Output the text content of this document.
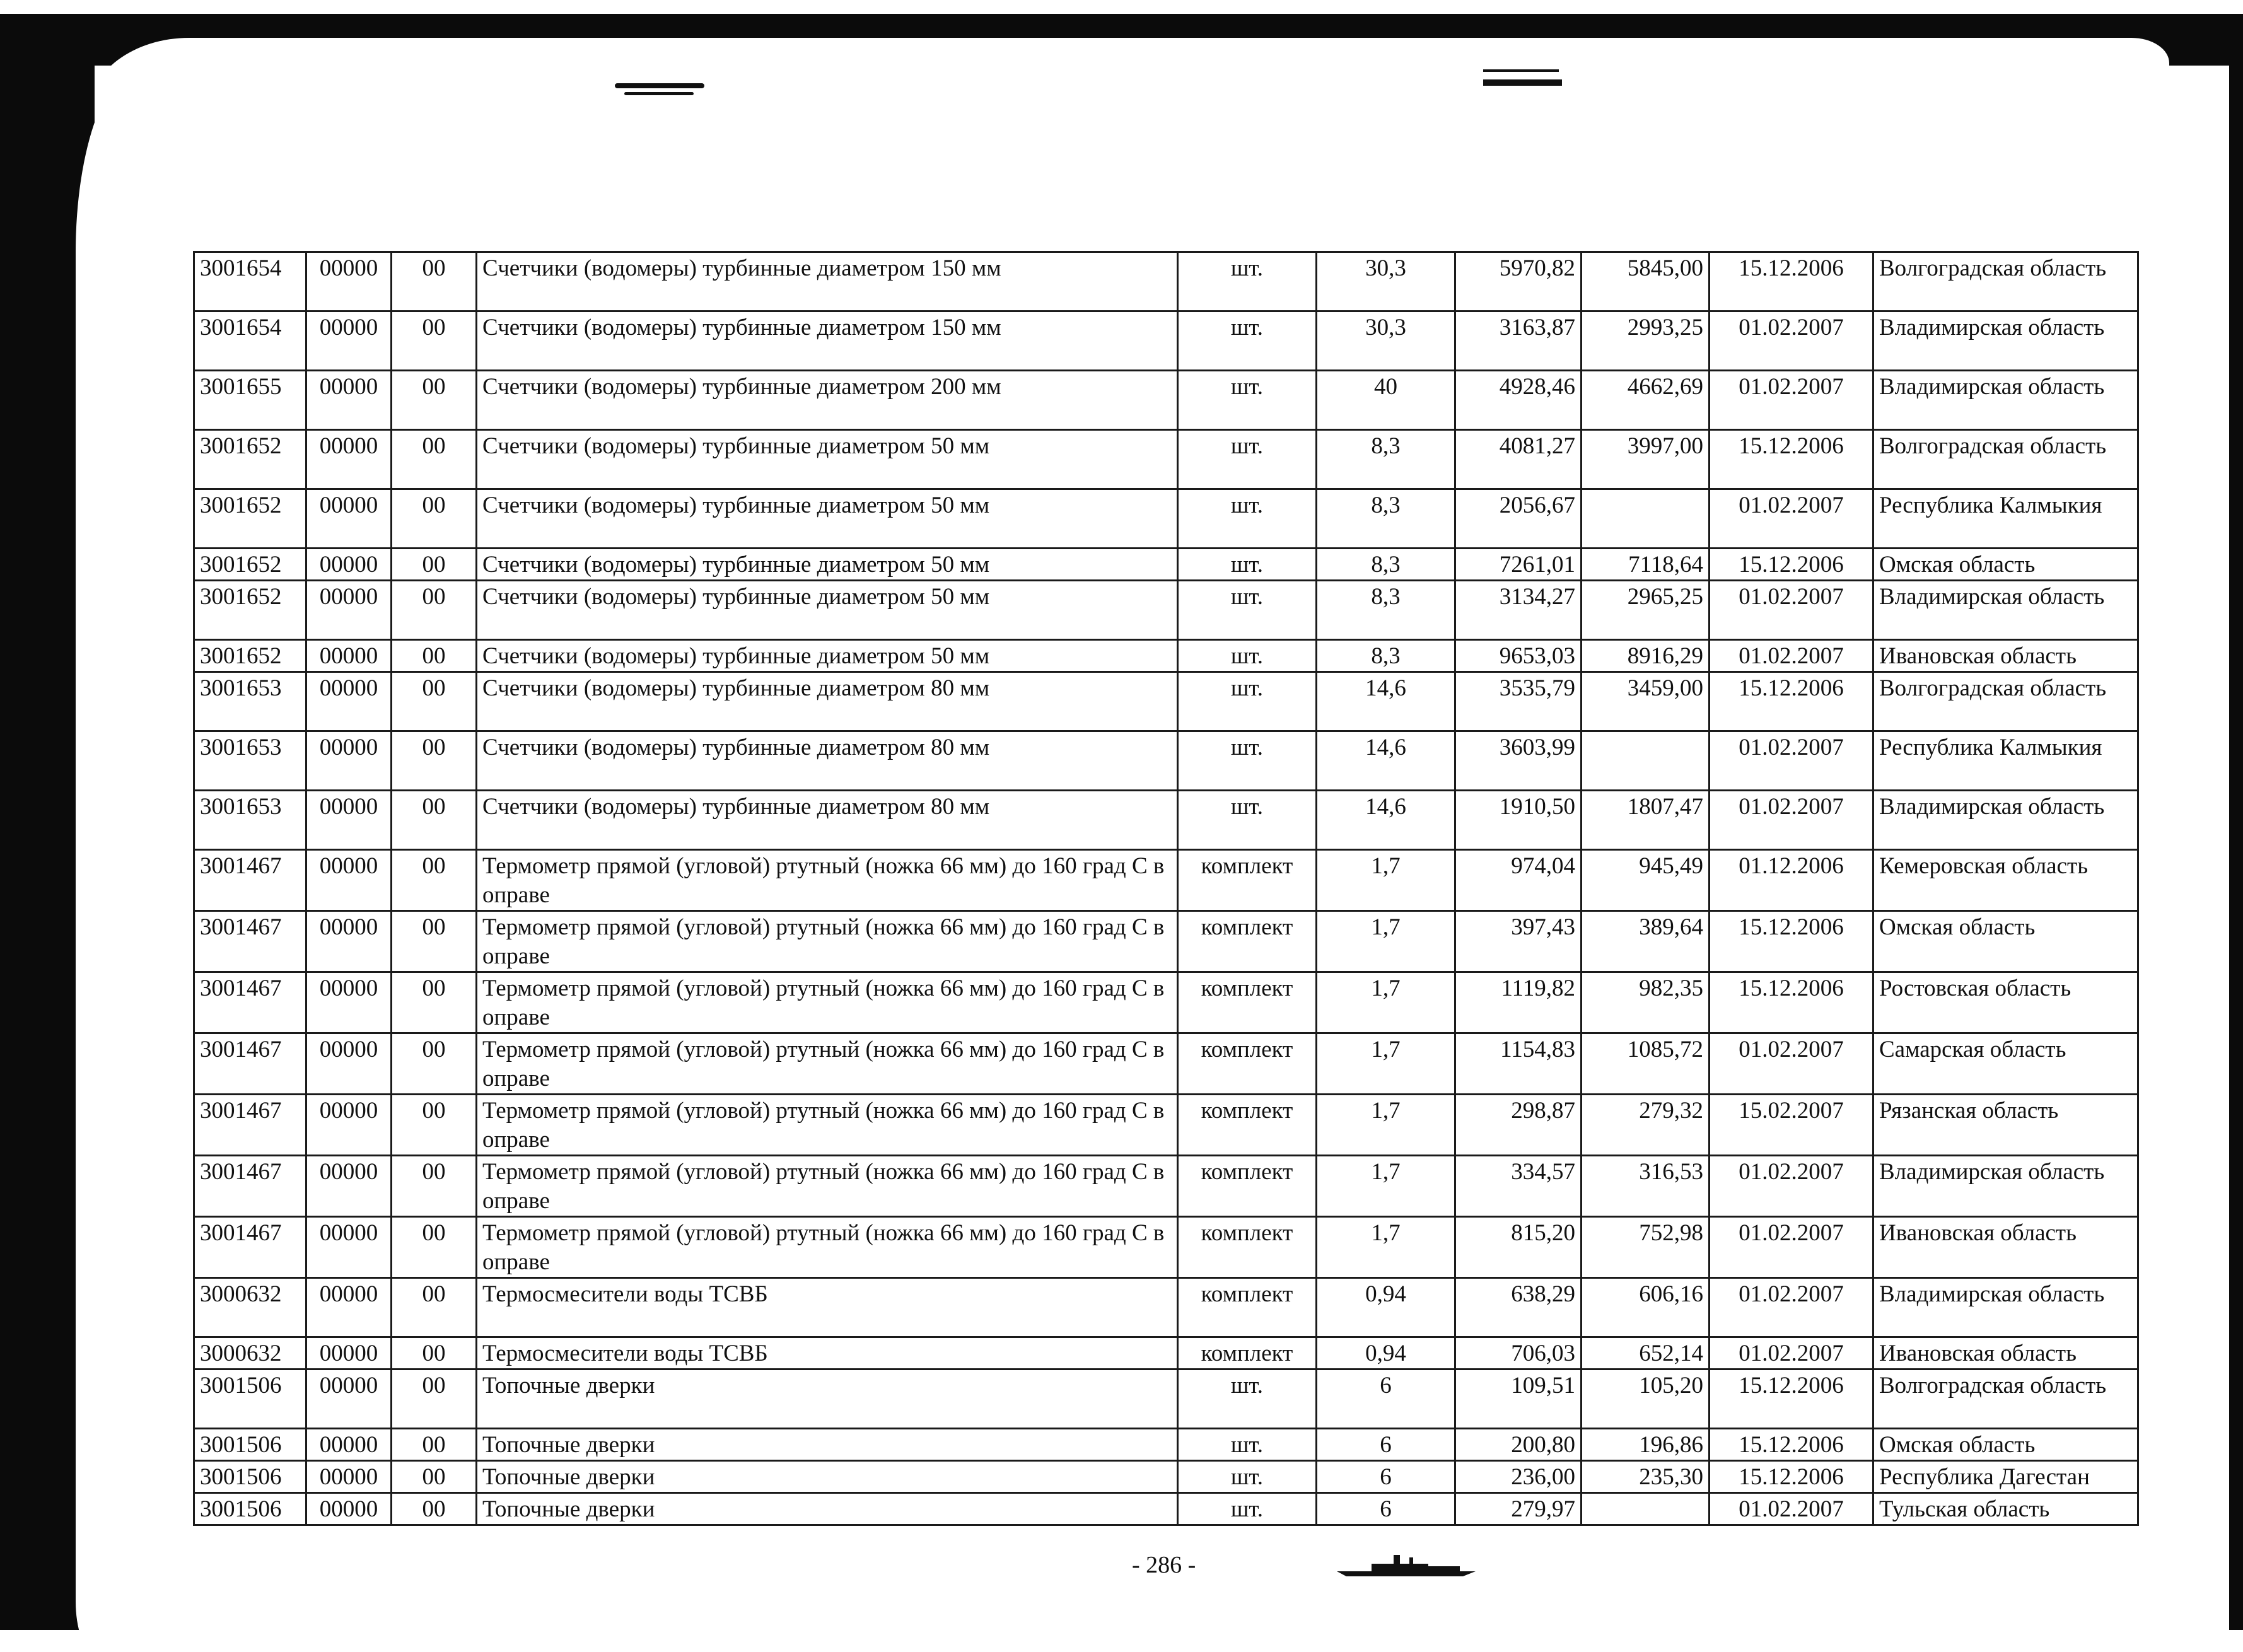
3001654	00000	00	Счетчики (водомеры) турбинные диаметром 150 мм	шт.	30,3	5970,82	5845,00	15.12.2006	Волгоградская область
3001654	00000	00	Счетчики (водомеры) турбинные диаметром 150 мм	шт.	30,3	3163,87	2993,25	01.02.2007	Владимирская область
3001655	00000	00	Счетчики (водомеры) турбинные диаметром 200 мм	шт.	40	4928,46	4662,69	01.02.2007	Владимирская область
3001652	00000	00	Счетчики (водомеры) турбинные диаметром 50 мм	шт.	8,3	4081,27	3997,00	15.12.2006	Волгоградская область
3001652	00000	00	Счетчики (водомеры) турбинные диаметром 50 мм	шт.	8,3	2056,67		01.02.2007	Республика Калмыкия
3001652	00000	00	Счетчики (водомеры) турбинные диаметром 50 мм	шт.	8,3	7261,01	7118,64	15.12.2006	Омская область
3001652	00000	00	Счетчики (водомеры) турбинные диаметром 50 мм	шт.	8,3	3134,27	2965,25	01.02.2007	Владимирская область
3001652	00000	00	Счетчики (водомеры) турбинные диаметром 50 мм	шт.	8,3	9653,03	8916,29	01.02.2007	Ивановская область
3001653	00000	00	Счетчики (водомеры) турбинные диаметром 80 мм	шт.	14,6	3535,79	3459,00	15.12.2006	Волгоградская область
3001653	00000	00	Счетчики (водомеры) турбинные диаметром 80 мм	шт.	14,6	3603,99		01.02.2007	Республика Калмыкия
3001653	00000	00	Счетчики (водомеры) турбинные диаметром 80 мм	шт.	14,6	1910,50	1807,47	01.02.2007	Владимирская область
3001467	00000	00	Термометр прямой (угловой) ртутный (ножка 66 мм) до 160 град С в оправе	комплект	1,7	974,04	945,49	01.12.2006	Кемеровская область
3001467	00000	00	Термометр прямой (угловой) ртутный (ножка 66 мм) до 160 град С в оправе	комплект	1,7	397,43	389,64	15.12.2006	Омская область
3001467	00000	00	Термометр прямой (угловой) ртутный (ножка 66 мм) до 160 град С в оправе	комплект	1,7	1119,82	982,35	15.12.2006	Ростовская область
3001467	00000	00	Термометр прямой (угловой) ртутный (ножка 66 мм) до 160 град С в оправе	комплект	1,7	1154,83	1085,72	01.02.2007	Самарская область
3001467	00000	00	Термометр прямой (угловой) ртутный (ножка 66 мм) до 160 град С в оправе	комплект	1,7	298,87	279,32	15.02.2007	Рязанская область
3001467	00000	00	Термометр прямой (угловой) ртутный (ножка 66 мм) до 160 град С в оправе	комплект	1,7	334,57	316,53	01.02.2007	Владимирская область
3001467	00000	00	Термометр прямой (угловой) ртутный (ножка 66 мм) до 160 град С в оправе	комплект	1,7	815,20	752,98	01.02.2007	Ивановская область
3000632	00000	00	Термосмесители воды ТСВБ	комплект	0,94	638,29	606,16	01.02.2007	Владимирская область
3000632	00000	00	Термосмесители воды ТСВБ	комплект	0,94	706,03	652,14	01.02.2007	Ивановская область
3001506	00000	00	Топочные дверки	шт.	6	109,51	105,20	15.12.2006	Волгоградская область
3001506	00000	00	Топочные дверки	шт.	6	200,80	196,86	15.12.2006	Омская область
3001506	00000	00	Топочные дверки	шт.	6	236,00	235,30	15.12.2006	Республика Дагестан
3001506	00000	00	Топочные дверки	шт.	6	279,97		01.02.2007	Тульская область
- 286 -
